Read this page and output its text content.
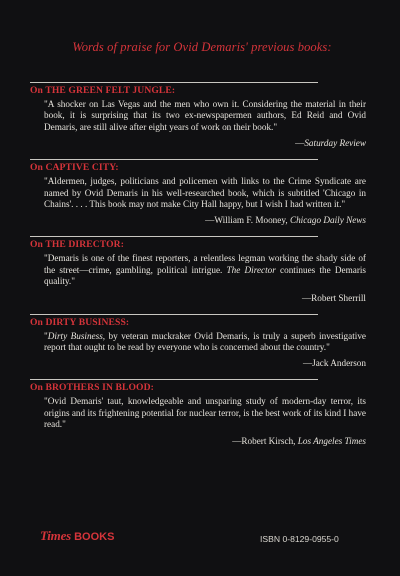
Words of praise for Ovid Demaris' previous books:
On THE GREEN FELT JUNGLE:
"A shocker on Las Vegas and the men who own it. Considering the material in their book, it is surprising that its two ex-newspapermen authors, Ed Reid and Ovid Demaris, are still alive after eight years of work on their book."
—Saturday Review
On CAPTIVE CITY:
"Aldermen, judges, politicians and policemen with links to the Crime Syndicate are named by Ovid Demaris in his well-researched book, which is subtitled 'Chicago in Chains'. . . . This book may not make City Hall happy, but I wish I had written it."
—William F. Mooney, Chicago Daily News
On THE DIRECTOR:
"Demaris is one of the finest reporters, a relentless legman working the shady side of the street—crime, gambling, political intrigue. The Director continues the Demaris quality."
—Robert Sherrill
On DIRTY BUSINESS:
"Dirty Business, by veteran muckraker Ovid Demaris, is truly a superb investigative report that ought to be read by everyone who is concerned about the country."
—Jack Anderson
On BROTHERS IN BLOOD:
"Ovid Demaris' taut, knowledgeable and unsparing study of modern-day terror, its origins and its frightening potential for nuclear terror, is the best work of its kind I have read."
—Robert Kirsch, Los Angeles Times
Times BOOKS	ISBN 0-8129-0955-0
